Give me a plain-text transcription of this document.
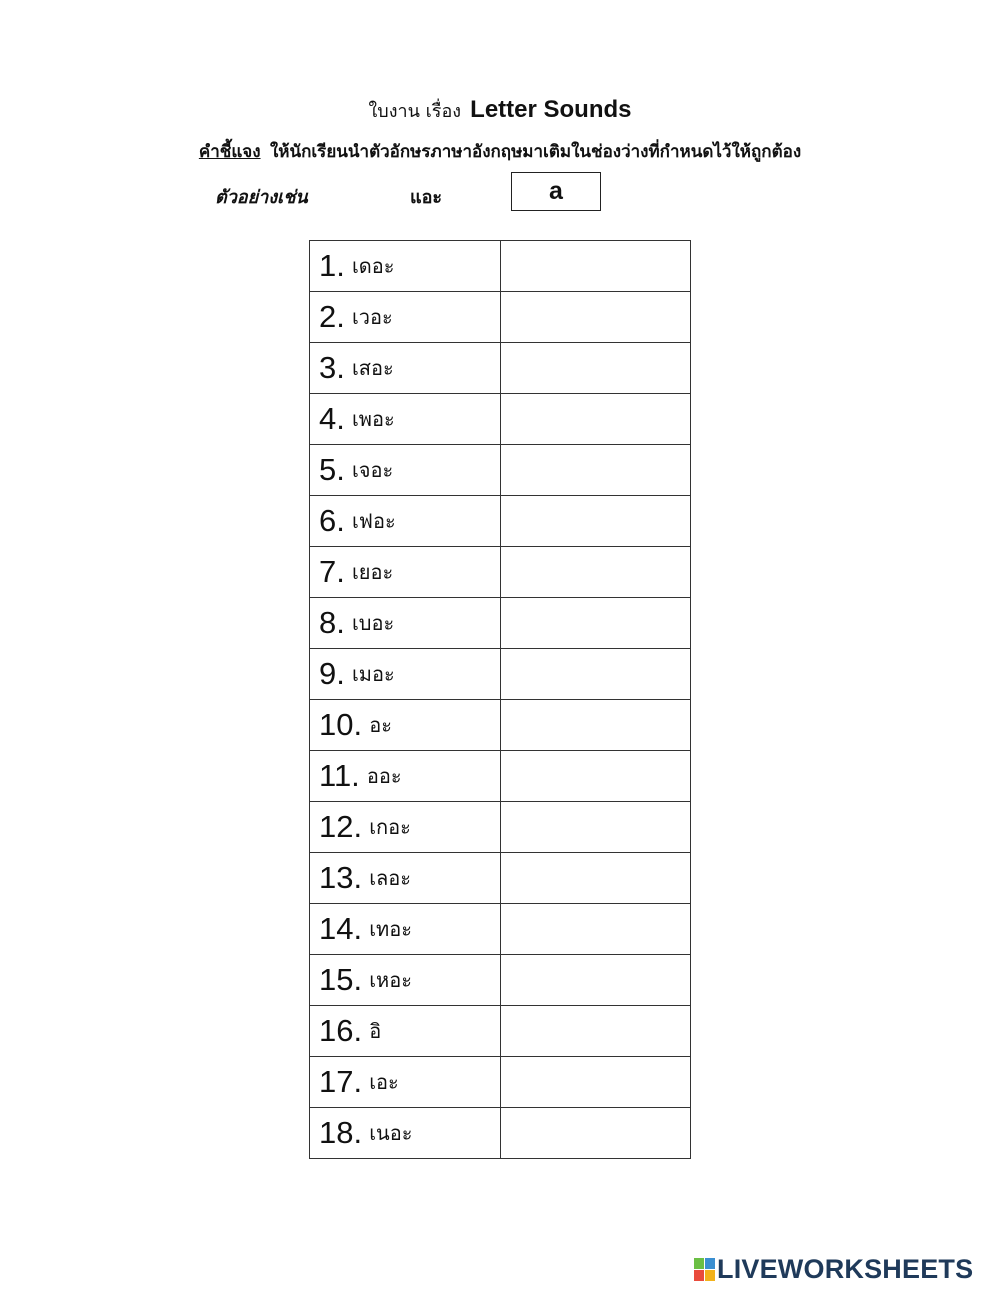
ใบงาน เรื่อง Letter Sounds
คำชี้แจง ให้นักเรียนนำตัวอักษรภาษาอังกฤษมาเติมในช่องว่างที่กำหนดไว้ให้ถูกต้อง
ตัวอย่างเช่น	แอะ	a
1. เดอะ	
2. เวอะ	
3. เสอะ	
4. เพอะ	
5. เจอะ	
6. เฟอะ	
7. เยอะ	
8. เบอะ	
9. เมอะ	
10. อะ	
11. ออะ	
12. เกอะ	
13. เลอะ	
14. เทอะ	
15. เหอะ	
16. อิ	
17. เอะ	
18. เนอะ	
LIVEWORKSHEETS
